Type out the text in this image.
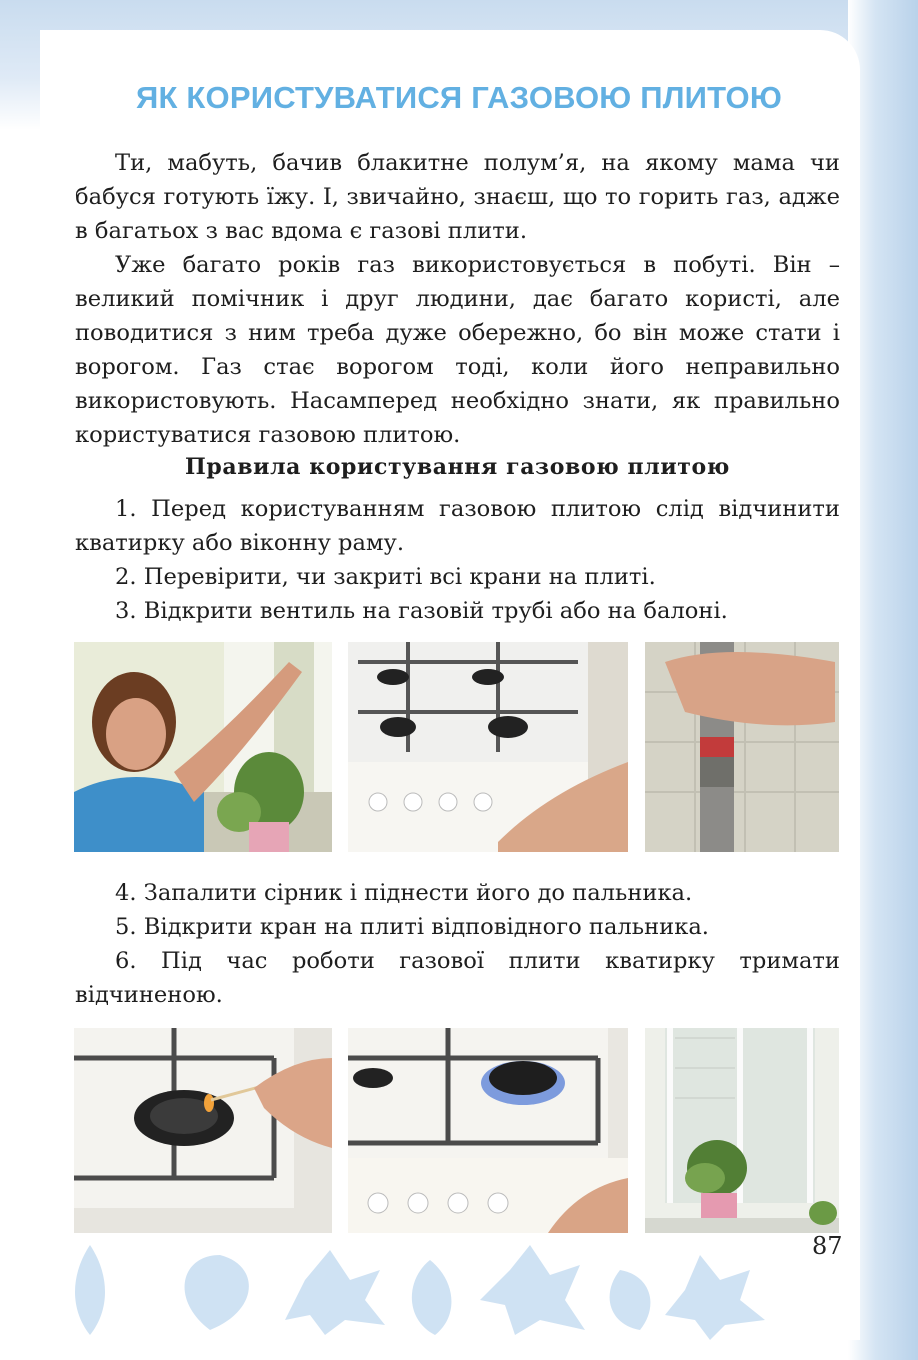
ЯК КОРИСТУВАТИСЯ ГАЗОВОЮ ПЛИТОЮ

Ти, мабуть, бачив блакитне полум’я, на якому мама чи бабуся готують їжу. І, звичайно, знаєш, що то горить газ, адже в багатьох з вас вдома є газові плити.

Уже багато років газ використовується в побуті. Він – великий помічник і друг людини, дає багато користі, але поводитися з ним треба дуже обережно, бо він може стати і ворогом. Газ стає ворогом тоді, коли його неправильно використовують. Насамперед необхідно знати, як правильно користуватися газовою плитою.

Правила користування газовою плитою

1. Перед користуванням газовою плитою слід відчинити кватирку або віконну раму.

2. Перевірити, чи закриті всі крани на плиті.

3. Відкрити вентиль на газовій трубі або на балоні.

4. Запалити сірник і піднести його до пальника.

5. Відкрити кран на плиті відповідного пальника.

6. Під час роботи газової плити кватирку тримати відчиненою.

87
